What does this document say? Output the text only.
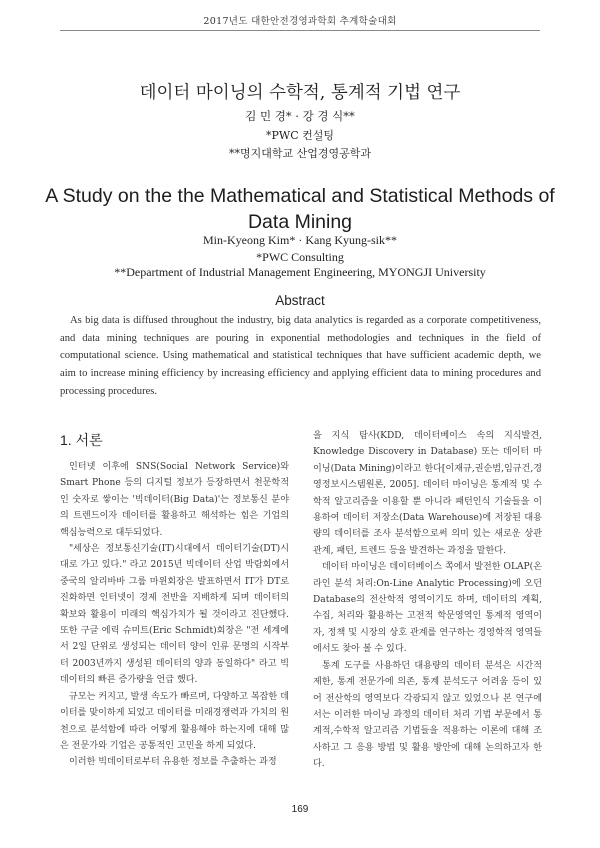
2017년도 대한안전경영과학회 추계학술대회
데이터 마이닝의 수학적, 통계적 기법 연구
김 민 경* · 강 경 식**
*PWC 컨설팅
**명지대학교 산업경영공학과
A Study on the the Mathematical and Statistical Methods of Data Mining
Min-Kyeong Kim* · Kang Kyung-sik**
*PWC Consulting
**Department of Industrial Management Engineering, MYONGJI University
Abstract
As big data is diffused throughout the industry, big data analytics is regarded as a corporate competitiveness, and data mining techniques are pouring in exponential methodologies and techniques in the field of computational science. Using mathematical and statistical techniques that have sufficient academic depth, we aim to increase mining efficiency by increasing efficiency and applying efficient data to mining procedures and processing procedures.
1. 서론

인터넷 이후에 SNS(Social Network Service)와 Smart Phone 등의 디지털 정보가 등장하면서 천문학적인 숫자로 쌓이는 '빅데이터(Big Data)'는 정보통신 분야의 트렌드이자 데이터를 활용하고 해석하는 힘은 기업의 핵심능력으로 대두되었다.

"세상은 정보통신기술(IT)시대에서 데이터기술(DT)시대로 가고 있다." 라고 2015년 빅데이터 산업 박람회에서 중국의 알리바바 그룹 마윈회장은 발표하면서 IT가 DT로 진화하면 인터넷이 경제 전반을 지배하게 되며 데이터의 확보와 활용이 미래의 핵심가치가 될 것이라고 진단했다. 또한 구글 에릭 슈미트(Eric Schmidt)회장은 "전 세계에서 2일 단위로 생성되는 데이터 양이 인류 문명의 시작부터 2003년까지 생성된 데이터의 양과 동일하다" 라고 빅데이터의 빠른 증가량을 언급 했다.

규모는 커지고, 발생 속도가 빠르며, 다양하고 복잡한 데이터를 맞이하게 되었고 데이터를 미래경쟁력과 가치의 원천으로 분석함에 따라 어떻게 활용해야 하는지에 대해 많은 전문가와 기업은 공통적인 고민을 하게 되었다.

이러한 빅데이터로부터 유용한 정보를 추출하는 과정

을 지식 탐사(KDD, 데이터베이스 속의 지식발견, Knowledge Discovery in Database) 또는 데이터 마이닝(Data Mining)이라고 한다[이재규,권순범,임규건,경영정보시스템원론, 2005]. 데이터 마이닝은 통계적 및 수학적 알고리즘을 이용할 뿐 아니라 패턴인식 기술들을 이용하여 데이터 저장소(Data Warehouse)에 저장된 대용량의 데이터를 조사 분석함으로써 의미 있는 새로운 상관관계, 패턴, 트렌드 등을 발견하는 과정을 말한다.

데이터 마이닝은 데이터베이스 쪽에서 발전한 OLAP(온라인 분석 처리:On-Line Analytic Processing)에 오던 Database의 전산학적 영역이기도 하며, 데이터의 계획, 수집, 처리와 활용하는 고전적 학문영역인 통계적 영역이자, 정책 및 시장의 상호 관계를 연구하는 경영학적 영역들에서도 찾아 볼 수 있다.

통계 도구를 사용하던 대용량의 데이터 분석은 시간적 제한, 통계 전문가에 의존, 통계 분석도구 어려움 등이 있어 전산학의 영역보다 각광되지 않고 있었으나 본 연구에서는 이러한 마이닝 과정의 데이터 처리 기법 부문에서 통계적,수학적 알고리즘 기법들을 적용하는 이론에 대해 조사하고 그 응용 방법 및 활용 방안에 대해 논의하고자 한다.

169
